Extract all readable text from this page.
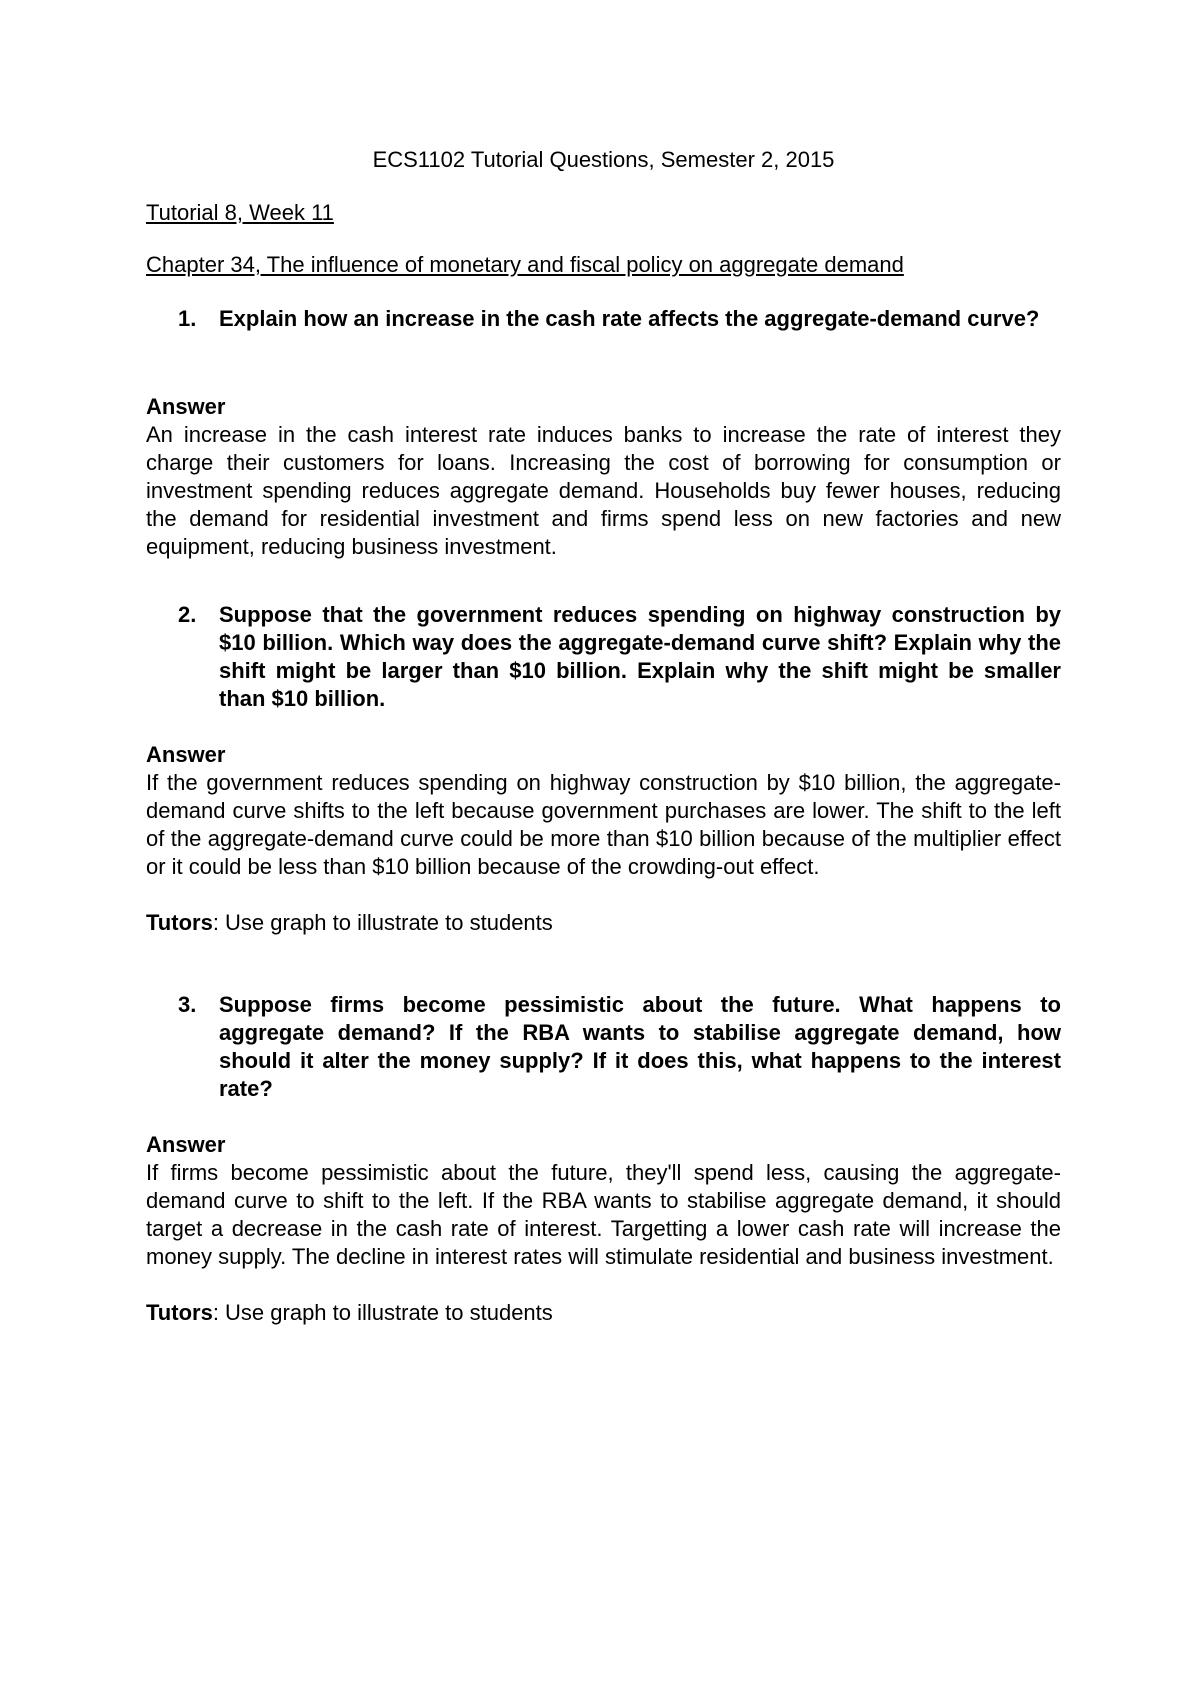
ECS1102 Tutorial Questions, Semester 2, 2015
Tutorial 8, Week 11
Chapter 34, The influence of monetary and fiscal policy on aggregate demand
1. Explain how an increase in the cash rate affects the aggregate-demand curve?
Answer
An increase in the cash interest rate induces banks to increase the rate of interest they charge their customers for loans. Increasing the cost of borrowing for consumption or investment spending reduces aggregate demand. Households buy fewer houses, reducing the demand for residential investment and firms spend less on new factories and new equipment, reducing business investment.
2. Suppose that the government reduces spending on highway construction by $10 billion. Which way does the aggregate-demand curve shift? Explain why the shift might be larger than $10 billion. Explain why the shift might be smaller than $10 billion.
Answer
If the government reduces spending on highway construction by $10 billion, the aggregate-demand curve shifts to the left because government purchases are lower. The shift to the left of the aggregate-demand curve could be more than $10 billion because of the multiplier effect or it could be less than $10 billion because of the crowding-out effect.
Tutors: Use graph to illustrate to students
3. Suppose firms become pessimistic about the future. What happens to aggregate demand? If the RBA wants to stabilise aggregate demand, how should it alter the money supply? If it does this, what happens to the interest rate?
Answer
If firms become pessimistic about the future, they'll spend less, causing the aggregate-demand curve to shift to the left. If the RBA wants to stabilise aggregate demand, it should target a decrease in the cash rate of interest. Targetting a lower cash rate will increase the money supply. The decline in interest rates will stimulate residential and business investment.
Tutors: Use graph to illustrate to students
